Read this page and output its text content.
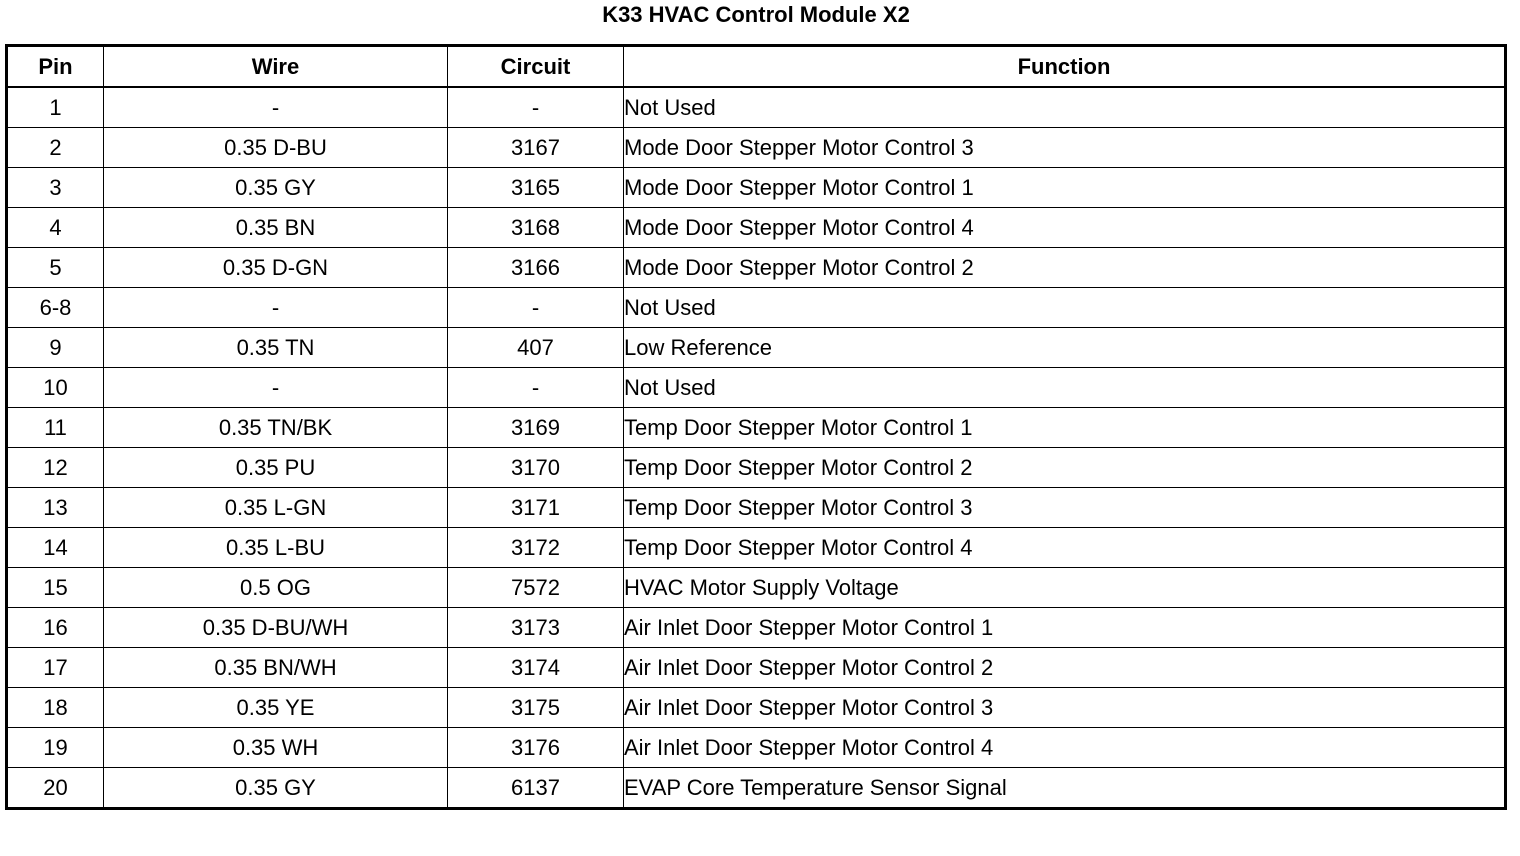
K33 HVAC Control Module X2
Pin	Wire	Circuit	Function
1	-	-	Not Used
2	0.35 D-BU	3167	Mode Door Stepper Motor Control 3
3	0.35 GY	3165	Mode Door Stepper Motor Control 1
4	0.35 BN	3168	Mode Door Stepper Motor Control 4
5	0.35 D-GN	3166	Mode Door Stepper Motor Control 2
6-8	-	-	Not Used
9	0.35 TN	407	Low Reference
10	-	-	Not Used
11	0.35 TN/BK	3169	Temp Door Stepper Motor Control 1
12	0.35 PU	3170	Temp Door Stepper Motor Control 2
13	0.35 L-GN	3171	Temp Door Stepper Motor Control 3
14	0.35 L-BU	3172	Temp Door Stepper Motor Control 4
15	0.5 OG	7572	HVAC Motor Supply Voltage
16	0.35 D-BU/WH	3173	Air Inlet Door Stepper Motor Control 1
17	0.35 BN/WH	3174	Air Inlet Door Stepper Motor Control 2
18	0.35 YE	3175	Air Inlet Door Stepper Motor Control 3
19	0.35 WH	3176	Air Inlet Door Stepper Motor Control 4
20	0.35 GY	6137	EVAP Core Temperature Sensor Signal
